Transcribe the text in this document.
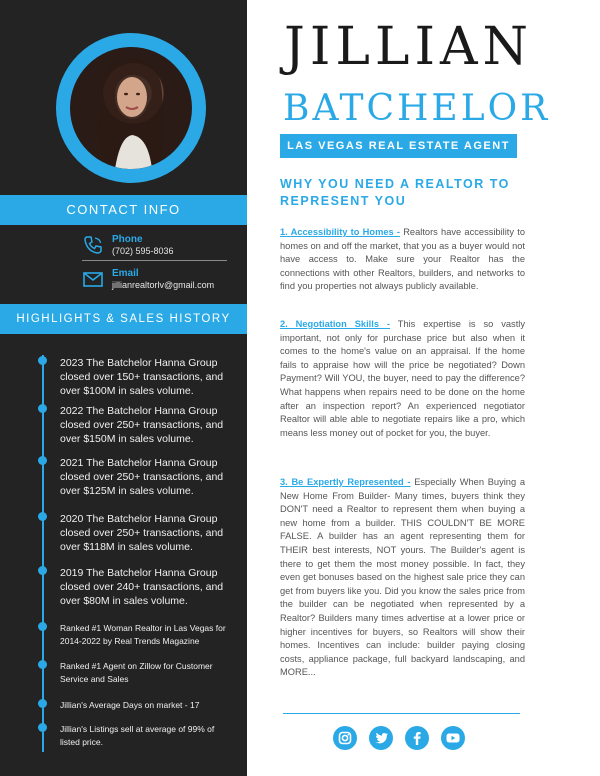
CONTACT INFO
Phone
(702) 595-8036
Email
jillianrealtorlv@gmail.com
HIGHLIGHTS & SALES HISTORY
2023 The Batchelor Hanna Group closed over 150+ transactions, and over $100M in sales volume.
2022 The Batchelor Hanna Group closed over 250+ transactions, and over $150M in sales volume.
2021 The Batchelor Hanna Group closed over 250+ transactions, and over $125M in sales volume.
2020 The Batchelor Hanna Group closed over 250+ transactions, and over $118M in sales volume.
2019 The Batchelor Hanna Group closed over 240+ transactions, and over $80M in sales volume.
Ranked #1 Woman Realtor in Las Vegas for 2014-2022 by Real Trends Magazine
Ranked #1 Agent on Zillow for Customer Service and Sales
Jillian's Average Days on market - 17
Jillian's Listings sell at average of 99% of listed price.
JILLIAN
BATCHELOR
LAS VEGAS REAL ESTATE AGENT
WHY YOU NEED A REALTOR TO REPRESENT YOU

1. Accessibility to Homes - Realtors have accessibility to homes on and off the market, that you as a buyer would not have access to. Make sure your Realtor has the connections with other Realtors, builders, and networks to find you properties not always publicly available.

2. Negotiation Skills - This expertise is so vastly important, not only for purchase price but also when it comes to the home's value on an appraisal. If the home fails to appraise how will the price be negotiated? Down Payment? Will YOU, the buyer, need to pay the difference? What happens when repairs need to be done on the home after an inspection report? An experienced negotiator Realtor will able able to negotiate repairs like a pro, which means less money out of pocket for you, the buyer.

3. Be Expertly Represented - Especially When Buying a New Home From Builder- Many times, buyers think they DON'T need a Realtor to represent them when buying a new home from a builder. THIS COULDN'T BE MORE FALSE. A builder has an agent representing them for THEIR best interests, NOT yours. The Builder's agent is there to get them the most money possible. In fact, they even get bonuses based on the highest sale price they can get from buyers like you. Did you know the sales price from the builder can be negotiated when represented by a Realtor? Builders many times advertise at a lower price or higher incentives for buyers, so Realtors will show their homes. Incentives can include: builder paying closing costs, appliance package, full backyard landscaping, and MORE...
